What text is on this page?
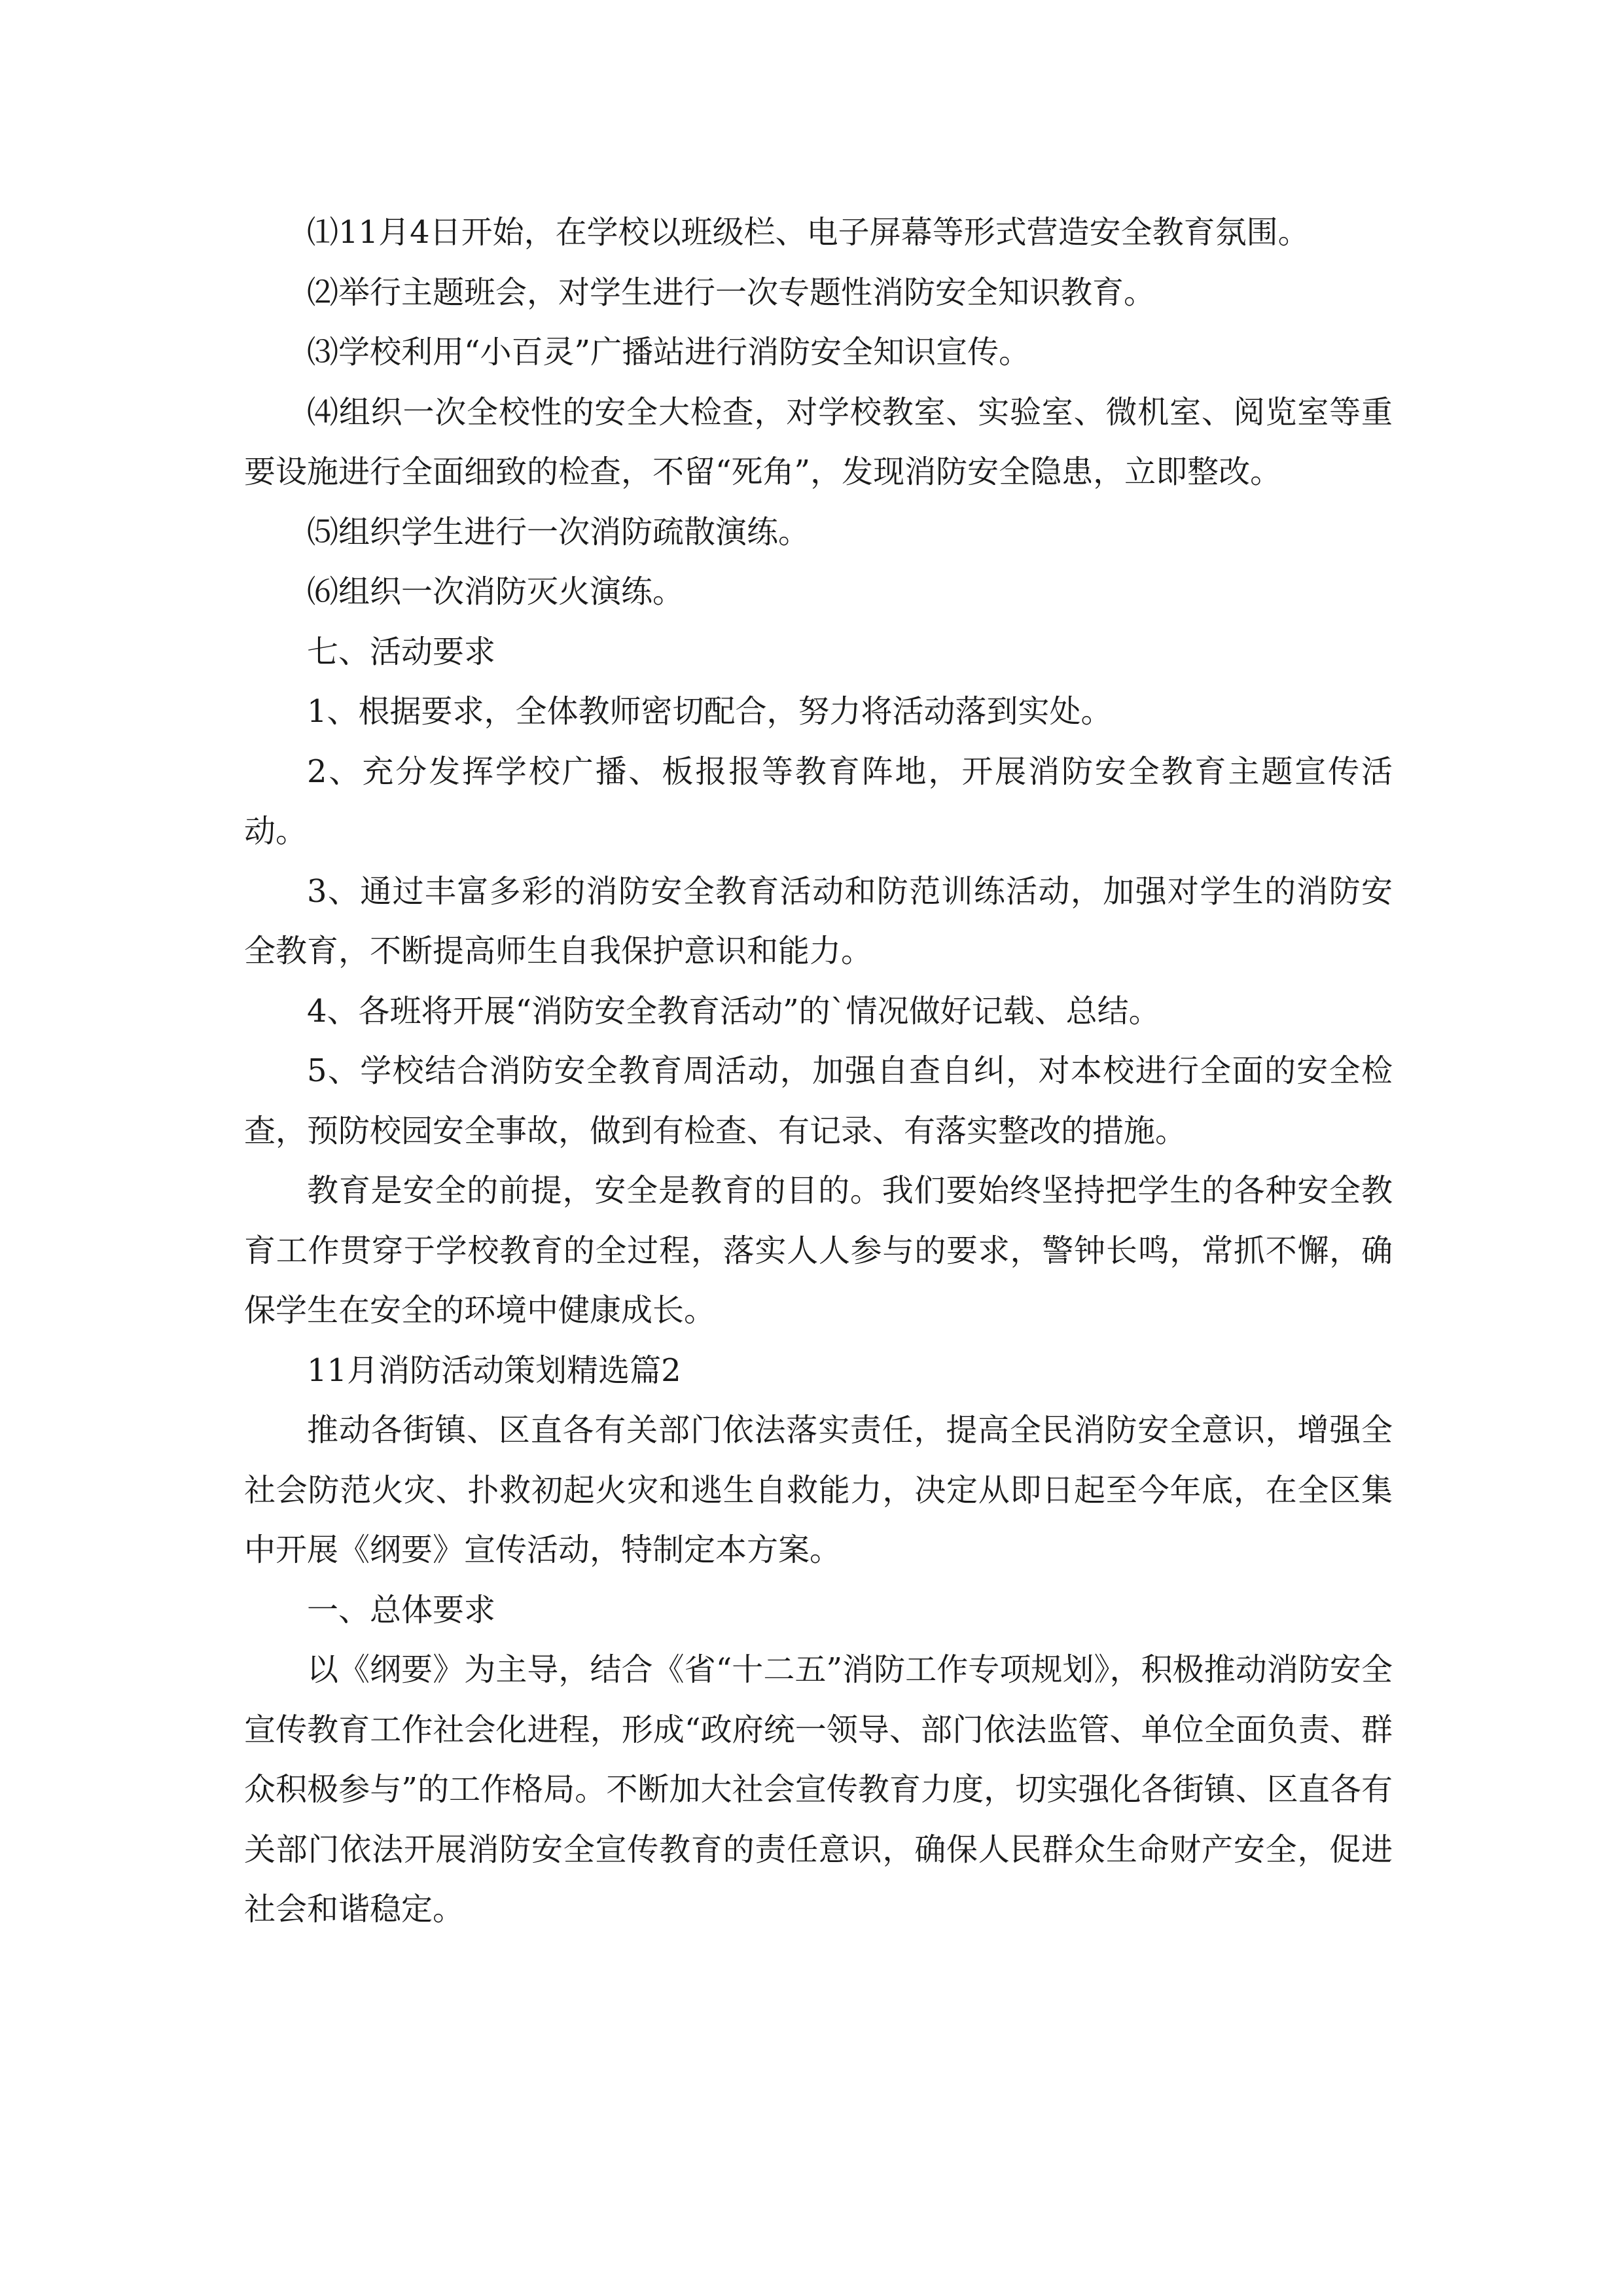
⑴11月4日开始，在学校以班级栏、电子屏幕等形式营造安全教育氛围。

⑵举行主题班会，对学生进行一次专题性消防安全知识教育。

⑶学校利用“小百灵”广播站进行消防安全知识宣传。

⑷组织一次全校性的安全大检查，对学校教室、实验室、微机室、阅览室等重要设施进行全面细致的检查，不留“死角”，发现消防安全隐患，立即整改。

⑸组织学生进行一次消防疏散演练。

⑹组织一次消防灭火演练。

七、活动要求

1、根据要求，全体教师密切配合，努力将活动落到实处。

2、充分发挥学校广播、板报报等教育阵地，开展消防安全教育主题宣传活动。

3、通过丰富多彩的消防安全教育活动和防范训练活动，加强对学生的消防安全教育，不断提高师生自我保护意识和能力。

4、各班将开展“消防安全教育活动”的`情况做好记载、总结。

5、学校结合消防安全教育周活动，加强自查自纠，对本校进行全面的安全检查，预防校园安全事故，做到有检查、有记录、有落实整改的措施。

教育是安全的前提，安全是教育的目的。我们要始终坚持把学生的各种安全教育工作贯穿于学校教育的全过程，落实人人参与的要求，警钟长鸣，常抓不懈，确保学生在安全的环境中健康成长。

11月消防活动策划精选篇2

推动各街镇、区直各有关部门依法落实责任，提高全民消防安全意识，增强全社会防范火灾、扑救初起火灾和逃生自救能力，决定从即日起至今年底，在全区集中开展《纲要》宣传活动，特制定本方案。

一、总体要求

以《纲要》为主导，结合《省“十二五”消防工作专项规划》，积极推动消防安全宣传教育工作社会化进程，形成“政府统一领导、部门依法监管、单位全面负责、群众积极参与”的工作格局。不断加大社会宣传教育力度，切实强化各街镇、区直各有关部门依法开展消防安全宣传教育的责任意识，确保人民群众生命财产安全，促进社会和谐稳定。
